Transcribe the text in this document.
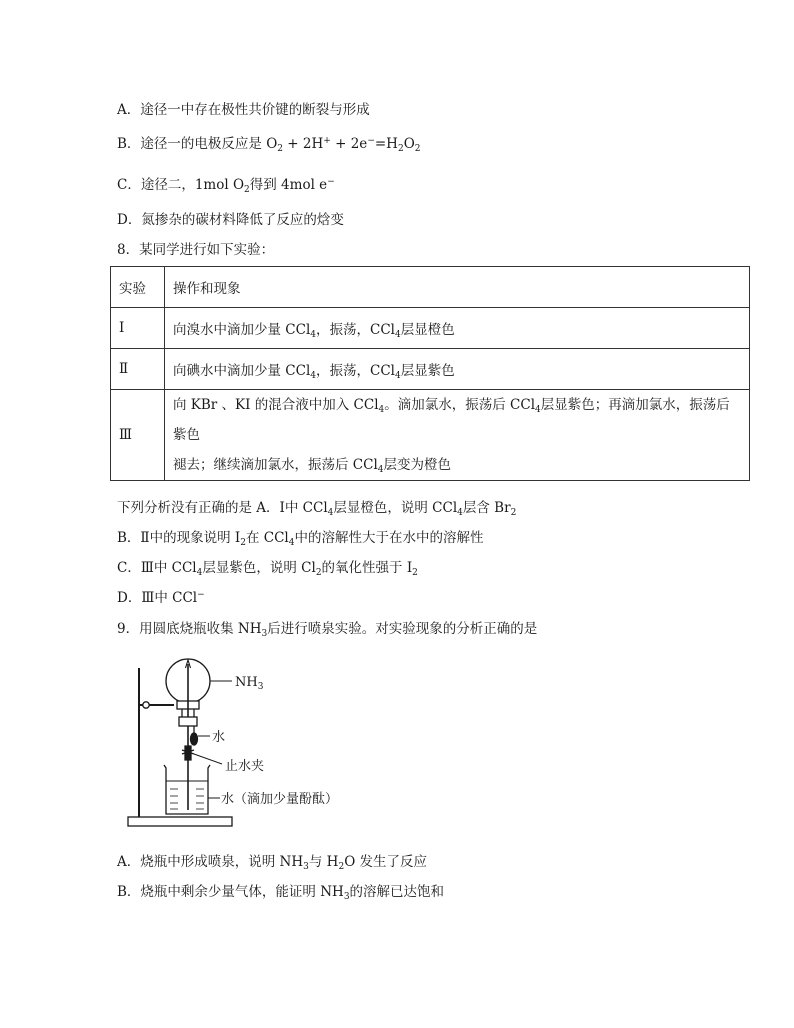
A．途径一中存在极性共价键的断裂与形成
B．途径一的电极反应是 $O_2 + 2H^+ + 2e^-=H_2O_2$
C．途径二，1mol $O_2$得到 4mol e−
D．氮掺杂的碳材料降低了反应的焓变
8．某同学进行如下实验：
实验	操作和现象
Ⅰ	向溴水中滴加少量 CCl$_4$，振荡，CCl$_4$层显橙色
Ⅱ	向碘水中滴加少量 CCl$_4$，振荡，CCl$_4$层显紫色
Ⅲ	向 KBr 、KI 的混合液中加入 CCl$_4$。滴加氯水，振荡后 CCl$_4$层显紫色；再滴加氯水，振荡后紫色
褪去；继续滴加氯水，振荡后 CCl$_4$层变为橙色
下列分析没有正确的是 A．Ⅰ中 CCl$_4$层显橙色，说明 CCl$_4$层含 $Br_2$
B．Ⅱ中的现象说明 $I_2$在 CCl$_4$中的溶解性大于在水中的溶解性
C．Ⅲ中 CCl$_4$层显紫色，说明 $Cl_2$的氧化性强于 $I_2$
D．Ⅲ中 CCl$_-$
9．用圆底烧瓶收集 $NH_3$后进行喷泉实验。对实验现象的分析正确的是
$NH_3$
水
止水夹
水（滴加少量酚酞）
A．烧瓶中形成喷泉，说明 $NH_3$与 $H_2O$ 发生了反应
B．烧瓶中剩余少量气体，能证明 $NH_3$的溶解已达饱和
